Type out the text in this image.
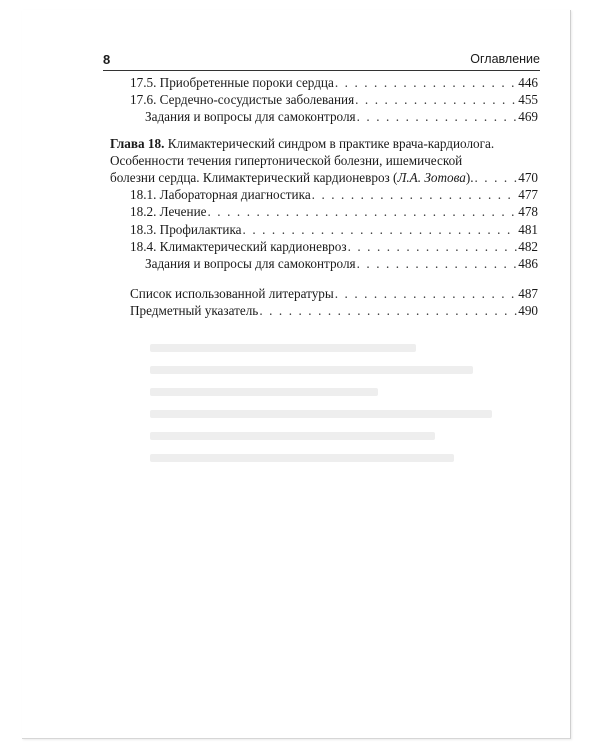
8	Оглавление
17.5. Приобретенные пороки сердца . . .	446
17.6. Сердечно-сосудистые заболевания . . .	455
Задания и вопросы для самоконтроля . . .	469
Глава 18. Климактерический синдром в практике врача-кардиолога.
Особенности течения гипертонической болезни, ишемической
болезни сердца. Климактерический кардионевроз (Л.А. Зотова). . . .	470
18.1. Лабораторная диагностика . . .	477
18.2. Лечение . . .	478
18.3. Профилактика . . .	481
18.4. Климактерический кардионевроз . . .	482
Задания и вопросы для самоконтроля . . .	486
Список использованной литературы . . .	487
Предметный указатель . . .	490
